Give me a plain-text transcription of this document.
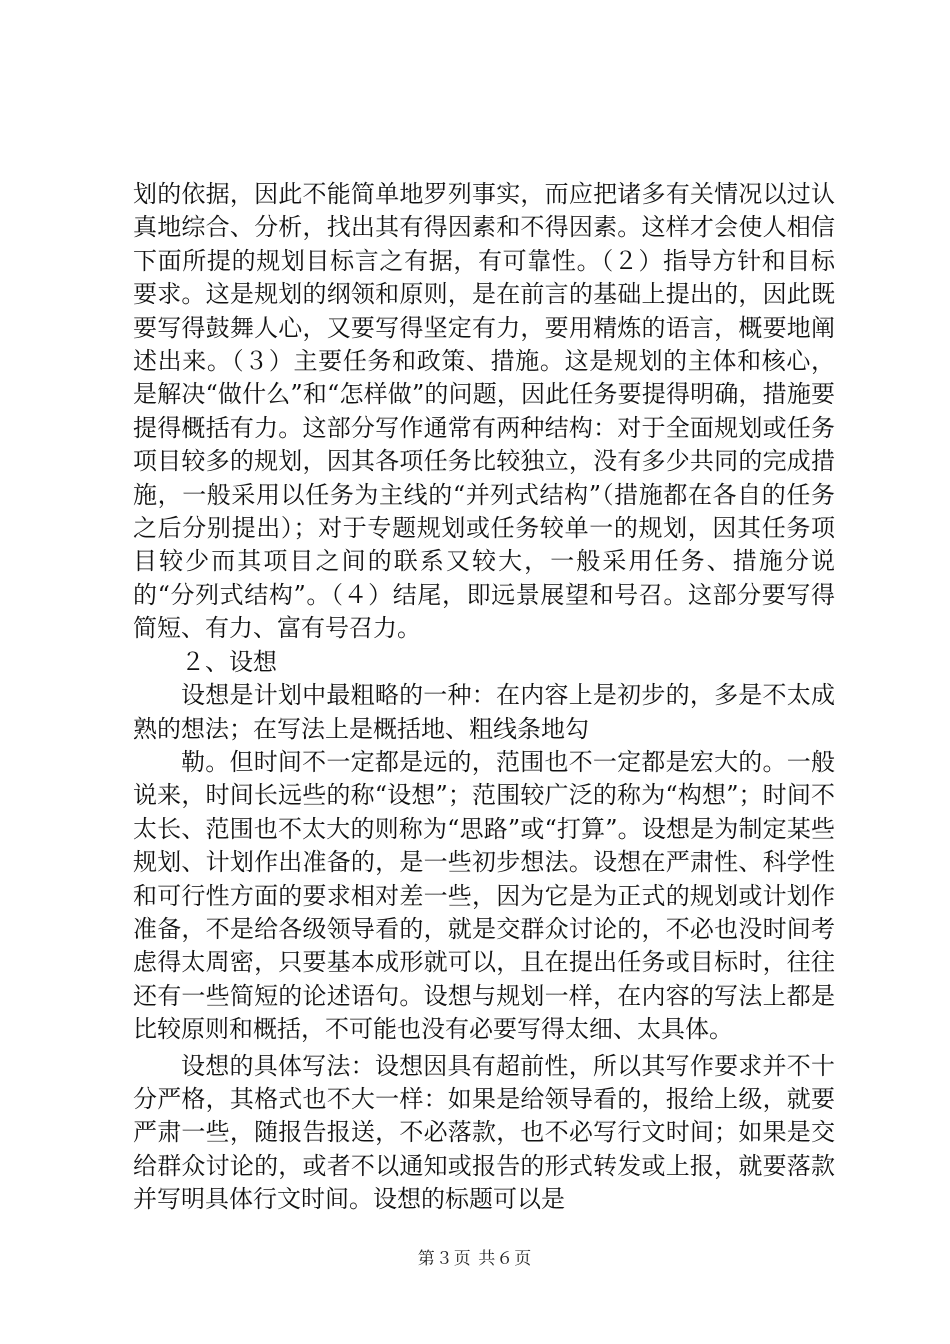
划的依据，因此不能简单地罗列事实，而应把诸多有关情况以过认真地综合、分析，找出其有得因素和不得因素。这样才会使人相信下面所提的规划目标言之有据，有可靠性。（２）指导方针和目标要求。这是规划的纲领和原则，是在前言的基础上提出的，因此既要写得鼓舞人心，又要写得坚定有力，要用精炼的语言，概要地阐述出来。（３）主要任务和政策、措施。这是规划的主体和核心，是解决“做什么”和“怎样做”的问题，因此任务要提得明确，措施要提得概括有力。这部分写作通常有两种结构：对于全面规划或任务项目较多的规划，因其各项任务比较独立，没有多少共同的完成措施，一般采用以任务为主线的“并列式结构”（措施都在各自的任务之后分别提出）；对于专题规划或任务较单一的规划，因其任务项目较少而其项目之间的联系又较大，一般采用任务、措施分说的“分列式结构”。（４）结尾，即远景展望和号召。这部分要写得简短、有力、富有号召力。

２、设想

设想是计划中最粗略的一种：在内容上是初步的，多是不太成熟的想法；在写法上是概括地、粗线条地勾

勒。但时间不一定都是远的，范围也不一定都是宏大的。一般说来，时间长远些的称“设想”；范围较广泛的称为“构想”；时间不太长、范围也不太大的则称为“思路”或“打算”。设想是为制定某些规划、计划作出准备的，是一些初步想法。设想在严肃性、科学性和可行性方面的要求相对差一些，因为它是为正式的规划或计划作准备，不是给各级领导看的，就是交群众讨论的，不必也没时间考虑得太周密，只要基本成形就可以，且在提出任务或目标时，往往还有一些简短的论述语句。设想与规划一样，在内容的写法上都是比较原则和概括，不可能也没有必要写得太细、太具体。

设想的具体写法：设想因具有超前性，所以其写作要求并不十分严格，其格式也不大一样：如果是给领导看的，报给上级，就要严肃一些，随报告报送，不必落款，也不必写行文时间；如果是交给群众讨论的，或者不以通知或报告的形式转发或上报，就要落款并写明具体行文时间。设想的标题可以是

第３页 共６页
